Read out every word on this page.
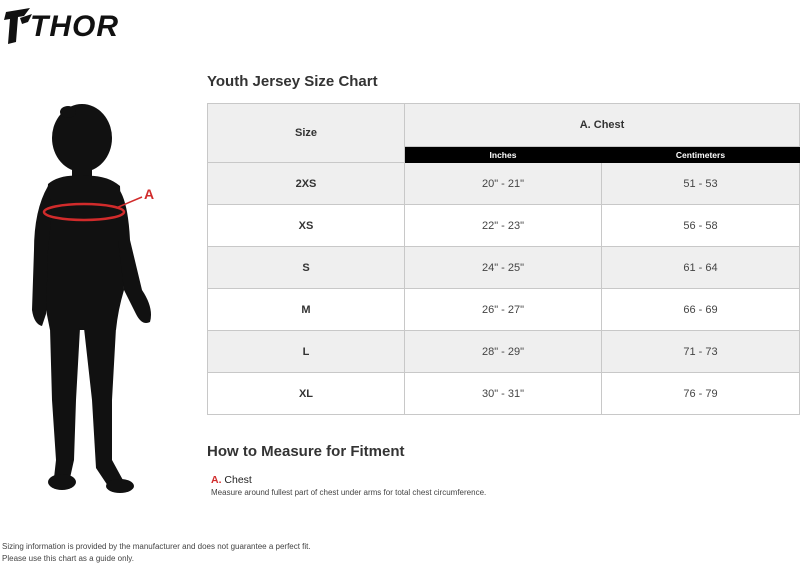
THOR
A
Youth Jersey Size Chart
Size	A. Chest	
	Inches	Centimeters
2XS	20" - 21"	51 - 53
XS	22" - 23"	56 - 58
S	24" - 25"	61 - 64
M	26" - 27"	66 - 69
L	28" - 29"	71 - 73
XL	30" - 31"	76 - 79
How to Measure for Fitment
A. Chest
Measure around fullest part of chest under arms for total chest circumference.
Sizing information is provided by the manufacturer and does not guarantee a perfect fit.
Please use this chart as a guide only.
